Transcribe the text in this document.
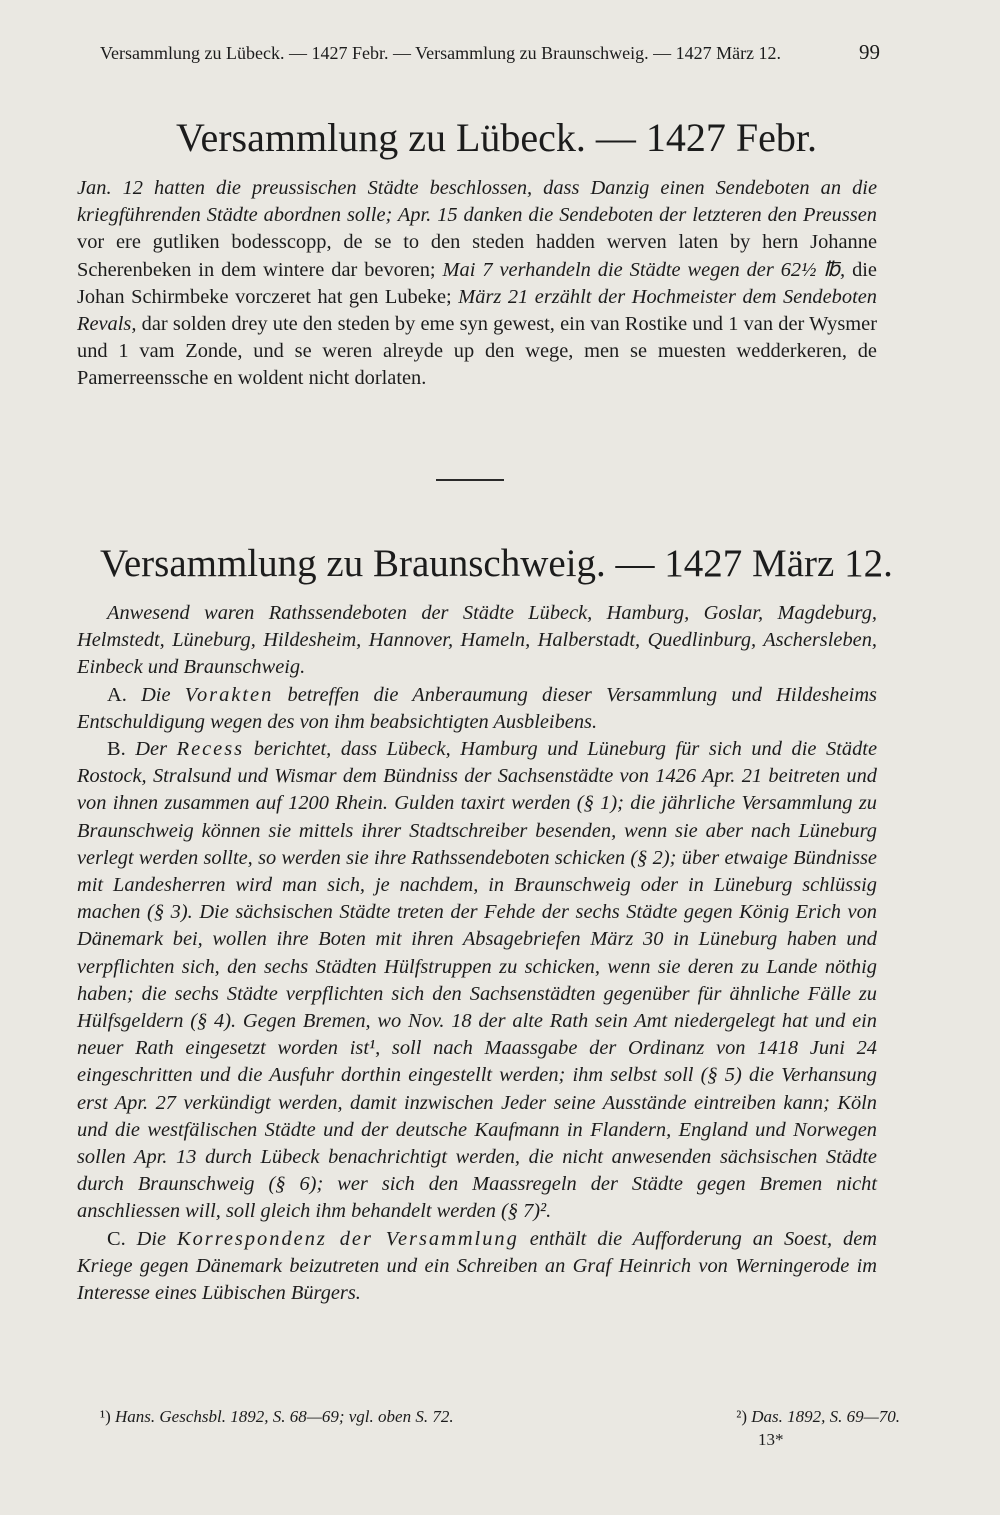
Versammlung zu Lübeck. — 1427 Febr. — Versammlung zu Braunschweig. — 1427 März 12.	99
Versammlung zu Lübeck. — 1427 Febr.
Jan. 12 hatten die preussischen Städte beschlossen, dass Danzig einen Sendeboten an die kriegführenden Städte abordnen solle; Apr. 15 danken die Sendeboten der letzteren den Preussen vor ere gutliken bodesscopp, de se to den steden hadden werven laten by hern Johanne Scherenbeken in dem wintere dar bevoren; Mai 7 verhandeln die Städte wegen der 62½ ℔, die Johan Schirmbeke vorczeret hat gen Lubeke; März 21 erzählt der Hochmeister dem Sendeboten Revals, dar solden drey ute den steden by eme syn gewest, ein van Rostike und 1 van der Wysmer und 1 vam Zonde, und se weren alreyde up den wege, men se muesten wedderkeren, de Pamerreenssche en woldent nicht dorlaten.
Versammlung zu Braunschweig. — 1427 März 12.
Anwesend waren Rathssendeboten der Städte Lübeck, Hamburg, Goslar, Magdeburg, Helmstedt, Lüneburg, Hildesheim, Hannover, Hameln, Halberstadt, Quedlinburg, Aschersleben, Einbeck und Braunschweig.
A. Die Vorakten betreffen die Anberaumung dieser Versammlung und Hildesheims Entschuldigung wegen des von ihm beabsichtigten Ausbleibens.
B. Der Recess berichtet, dass Lübeck, Hamburg und Lüneburg für sich und die Städte Rostock, Stralsund und Wismar dem Bündniss der Sachsenstädte von 1426 Apr. 21 beitreten und von ihnen zusammen auf 1200 Rhein. Gulden taxirt werden (§ 1); die jährliche Versammlung zu Braunschweig können sie mittels ihrer Stadtschreiber besenden, wenn sie aber nach Lüneburg verlegt werden sollte, so werden sie ihre Rathssendeboten schicken (§ 2); über etwaige Bündnisse mit Landesherren wird man sich, je nachdem, in Braunschweig oder in Lüneburg schlüssig machen (§ 3). Die sächsischen Städte treten der Fehde der sechs Städte gegen König Erich von Dänemark bei, wollen ihre Boten mit ihren Absagebriefen März 30 in Lüneburg haben und verpflichten sich, den sechs Städten Hülfstruppen zu schicken, wenn sie deren zu Lande nöthig haben; die sechs Städte verpflichten sich den Sachsenstädten gegenüber für ähnliche Fälle zu Hülfsgeldern (§ 4). Gegen Bremen, wo Nov. 18 der alte Rath sein Amt niedergelegt hat und ein neuer Rath eingesetzt worden ist¹, soll nach Maassgabe der Ordinanz von 1418 Juni 24 eingeschritten und die Ausfuhr dorthin eingestellt werden; ihm selbst soll (§ 5) die Verhansung erst Apr. 27 verkündigt werden, damit inzwischen Jeder seine Ausstände eintreiben kann; Köln und die westfälischen Städte und der deutsche Kaufmann in Flandern, England und Norwegen sollen Apr. 13 durch Lübeck benachrichtigt werden, die nicht anwesenden sächsischen Städte durch Braunschweig (§ 6); wer sich den Maassregeln der Städte gegen Bremen nicht anschliessen will, soll gleich ihm behandelt werden (§ 7)².
C. Die Korrespondenz der Versammlung enthält die Aufforderung an Soest, dem Kriege gegen Dänemark beizutreten und ein Schreiben an Graf Heinrich von Werningerode im Interesse eines Lübischen Bürgers.
¹) Hans. Geschsbl. 1892, S. 68—69; vgl. oben S. 72.	²) Das. 1892, S. 69—70.
13*
